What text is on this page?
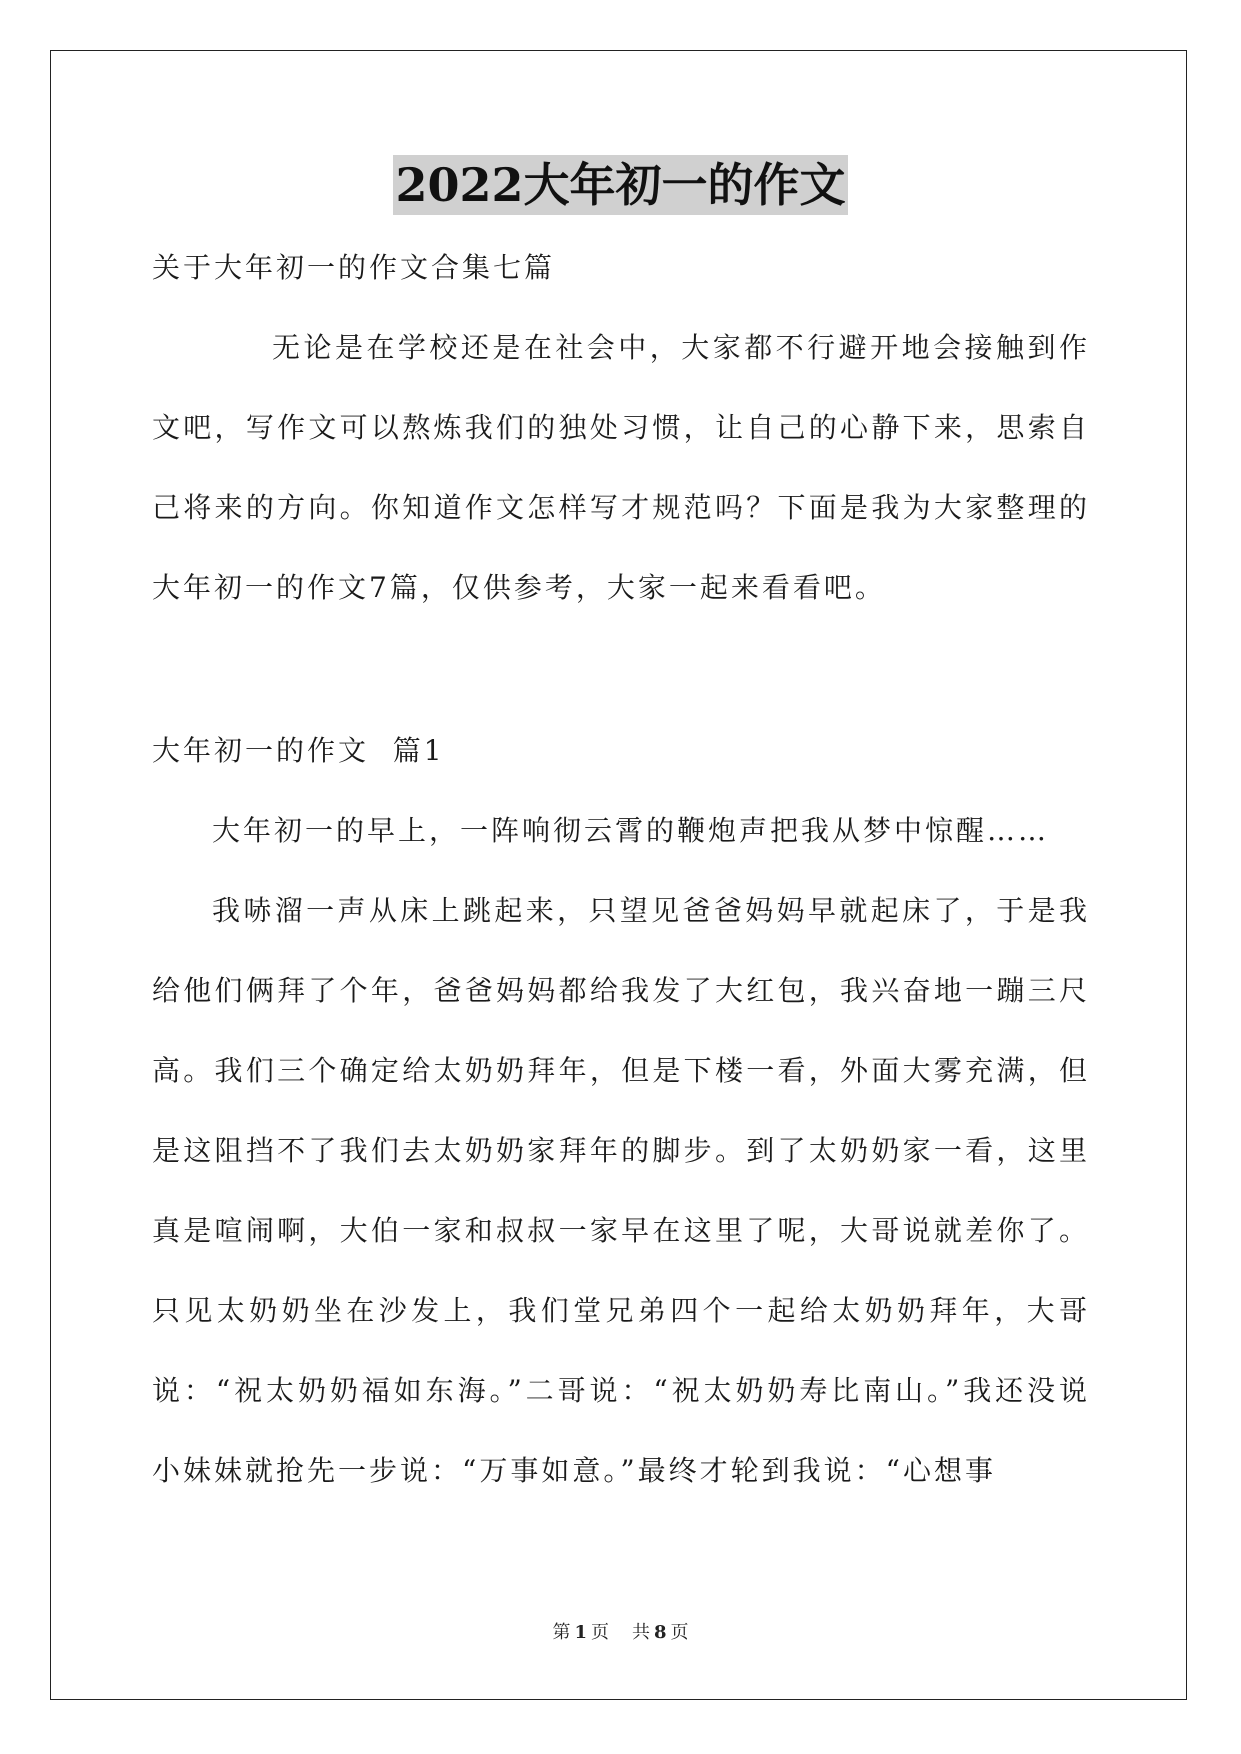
2022大年初一的作文

关于大年初一的作文合集七篇

无论是在学校还是在社会中，大家都不行避开地会接触到作文吧，写作文可以熬炼我们的独处习惯，让自己的心静下来，思索自己将来的方向。你知道作文怎样写才规范吗？下面是我为大家整理的大年初一的作文7篇，仅供参考，大家一起来看看吧。

大年初一的作文  篇1

大年初一的早上，一阵响彻云霄的鞭炮声把我从梦中惊醒……

我哧溜一声从床上跳起来，只望见爸爸妈妈早就起床了，于是我给他们俩拜了个年，爸爸妈妈都给我发了大红包，我兴奋地一蹦三尺高。我们三个确定给太奶奶拜年，但是下楼一看，外面大雾充满，但是这阻挡不了我们去太奶奶家拜年的脚步。到了太奶奶家一看，这里真是喧闹啊，大伯一家和叔叔一家早在这里了呢，大哥说就差你了。只见太奶奶坐在沙发上，我们堂兄弟四个一起给太奶奶拜年，大哥说：“祝太奶奶福如东海。”二哥说：“祝太奶奶寿比南山。”我还没说小妹妹就抢先一步说：“万事如意。”最终才轮到我说：“心想事

第 1 页 共 8 页
